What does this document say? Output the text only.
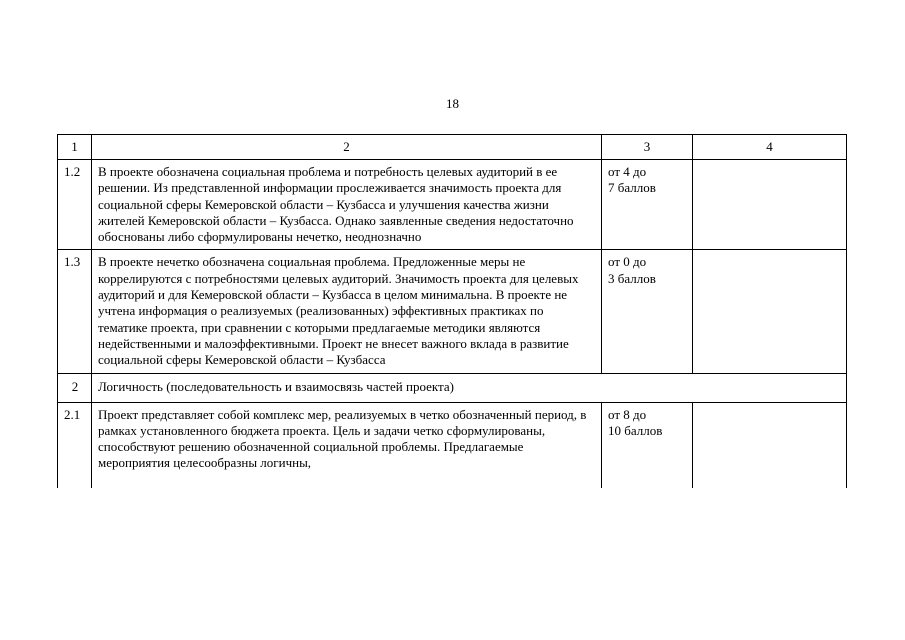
18
1	2	3	4
1.2	В проекте обозначена социальная проблема и потребность целевых аудиторий в ее решении. Из представленной информации прослеживается значимость проекта для социальной сферы Кемеровской области – Кузбасса и улучшения качества жизни жителей Кемеровской области – Кузбасса. Однако заявленные сведения недостаточно обоснованы либо сформулированы нечетко, неоднозначно	от 4 до
7 баллов	

1.3	В проекте нечетко обозначена социальная проблема. Предложенные меры не коррелируются с потребностями целевых аудиторий. Значимость проекта для целевых аудиторий и для Кемеровской области – Кузбасса в целом минимальна. В проекте не учтена информация о реализуемых (реализованных) эффективных практиках по тематике проекта, при сравнении с которыми предлагаемые методики являются недейственными и малоэффективными. Проект не внесет важного вклада в развитие социальной сферы Кемеровской области – Кузбасса	от 0 до
3 баллов	

2	Логичность (последовательность и взаимосвязь частей проекта)		
2.1	Проект представляет собой комплекс мер, реализуемых в четко обозначенный период, в рамках установленного бюджета проекта. Цель и задачи четко сформулированы, способствуют решению обозначенной социальной проблемы. Предлагаемые мероприятия целесообразны логичны,	от 8 до
10 баллов	
